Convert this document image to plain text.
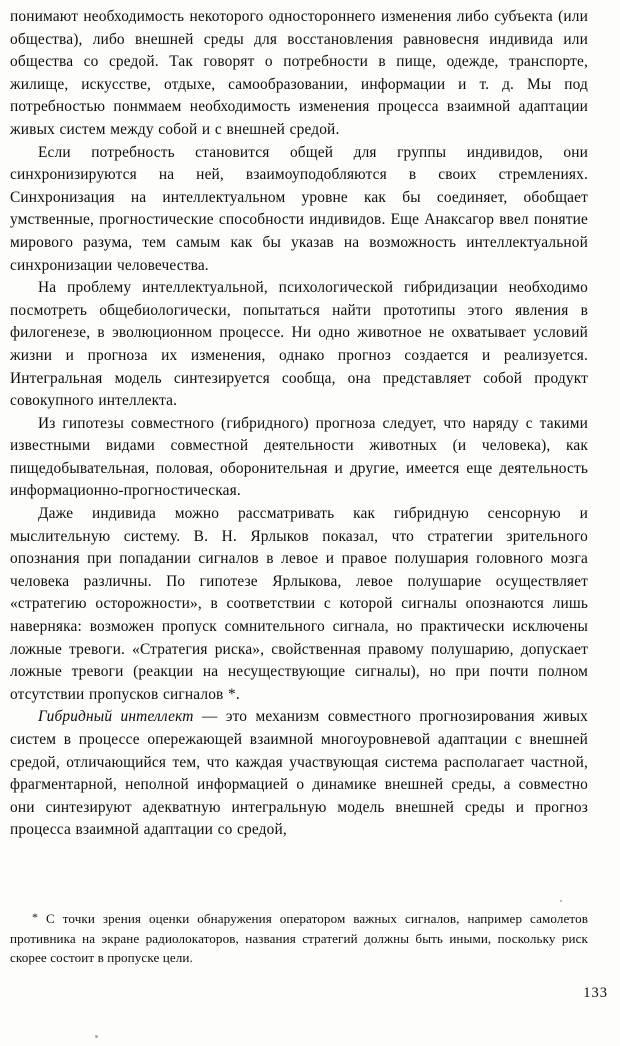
понимают необходимость некоторого одностороннего изменения либо субъекта (или общества), либо внешней среды для восстановления равновесня индивида или общества со средой. Так говорят о потребности в пище, одежде, транспорте, жилище, искусстве, отдыхе, самообразовании, информации и т. д. Мы под потребностью понммаем необходимость изменения процесса взаимной адаптации живых систем между собой и с внешней средой.

Если потребность становится общей для группы индивидов, они синхронизируются на ней, взаимоуподобляются в своих стремлениях. Синхронизация на интеллектуальном уровне как бы соединяет, обобщает умственные, прогностические способности индивидов. Еще Анаксагор ввел понятие мирового разума, тем самым как бы указав на возможность интеллектуальной синхронизации человечества.

На проблему интеллектуальной, психологической гибридизации необходимо посмотреть общебиологически, попытаться найти прототипы этого явления в филогенезе, в эволюционном процессе. Ни одно животное не охватывает условий жизни и прогноза их изменения, однако прогноз создается и реализуется. Интегральная модель синтезируется сообща, она представляет собой продукт совокупного интеллекта.

Из гипотезы совместного (гибридного) прогноза следует, что наряду с такими известными видами совместной деятельности животных (и человека), как пищедобывательная, половая, оборонительная и другие, имеется еще деятельность информационно-прогностическая.

Даже индивида можно рассматривать как гибридную сенсорную и мыслительную систему. В. Н. Ярлыков показал, что стратегии зрительного опознания при попадании сигналов в левое и правое полушария головного мозга человека различны. По гипотезе Ярлыкова, левое полушарие осуществляет «стратегию осторожности», в соответствии с которой сигналы опознаются лишь наверняка: возможен пропуск сомнительного сигнала, но практически исключены ложные тревоги. «Стратегия риска», свойственная правому полушарию, допускает ложные тревоги (реакции на несуществующие сигналы), но при почти полном отсутствии пропусков сигналов *.

Гибридный интеллект — это механизм совместного прогнозирования живых систем в процессе опережающей взаимной многоуровневой адаптации с внешней средой, отличающийся тем, что каждая участвующая система располагает частной, фрагментарной, неполной информацией о динамике внешней среды, а совместно они синтезируют адекватную интегральную модель внешней среды и прогноз процесса взаимной адаптации со средой,

* С точки зрения оценки обнаружения оператором важных сигналов, например самолетов противника на экране радиолокаторов, названия стратегий должны быть иными, поскольку риск скорее состоит в пропуске цели.

133
